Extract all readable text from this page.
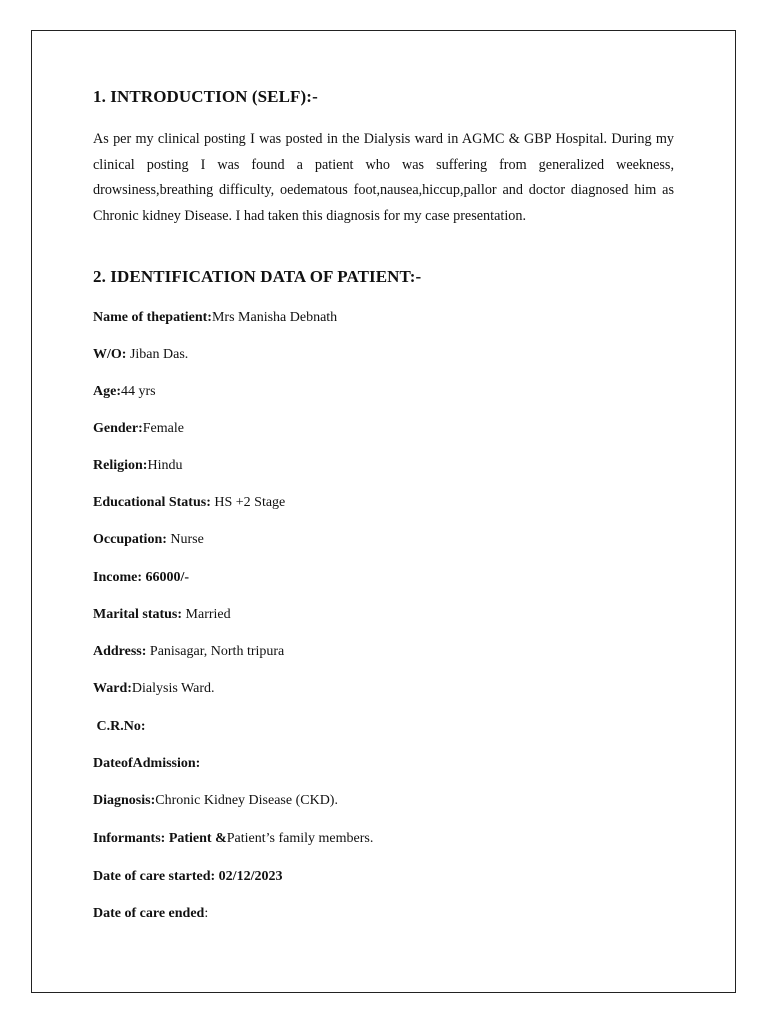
1. INTRODUCTION (SELF):-

As per my clinical posting I was posted in the Dialysis ward in AGMC & GBP Hospital. During my clinical posting I was found a patient who was suffering from generalized weekness, drowsiness,breathing difficulty, oedematous foot,nausea,hiccup,pallor and doctor diagnosed him as Chronic kidney Disease. I had taken this diagnosis for my case presentation.

2. IDENTIFICATION DATA OF PATIENT:-

Name of thepatient:Mrs Manisha Debnath

W/O: Jiban Das.

Age:44 yrs

Gender:Female

Religion:Hindu

Educational Status: HS +2 Stage

Occupation: Nurse

Income: 66000/-

Marital status: Married

Address: Panisagar, North tripura

Ward:Dialysis Ward.

C.R.No:

DateofAdmission:

Diagnosis:Chronic Kidney Disease (CKD).

Informants: Patient &Patient’s family members.

Date of care started: 02/12/2023

Date of care ended:
